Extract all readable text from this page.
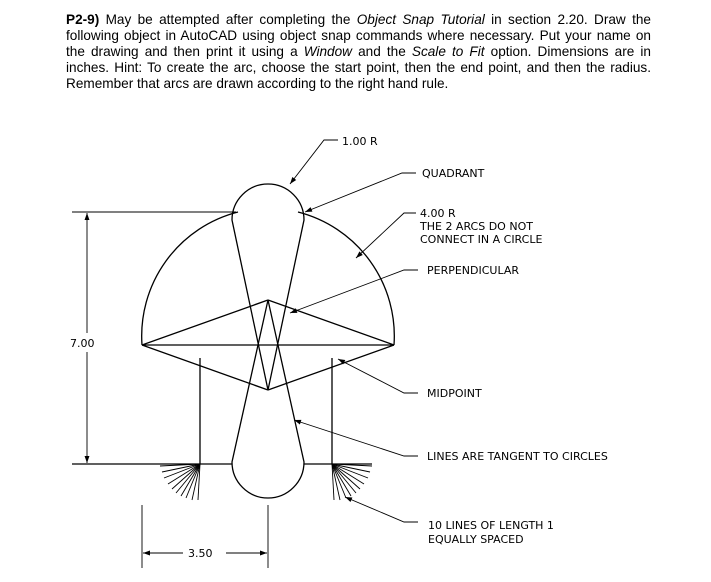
P2-9) May be attempted after completing the Object Snap Tutorial in section 2.20. Draw the following object in AutoCAD using object snap commands where necessary. Put your name on the drawing and then print it using a Window and the Scale to Fit option. Dimensions are in inches. Hint: To create the arc, choose the start point, then the end point, and then the radius. Remember that arcs are drawn according to the right hand rule.

1.00 R
QUADRANT
4.00 R
THE 2 ARCS DO NOT
CONNECT IN A CIRCLE
PERPENDICULAR
7.00
MIDPOINT
LINES ARE TANGENT TO CIRCLES
10 LINES OF LENGTH 1
EQUALLY SPACED
3.50
